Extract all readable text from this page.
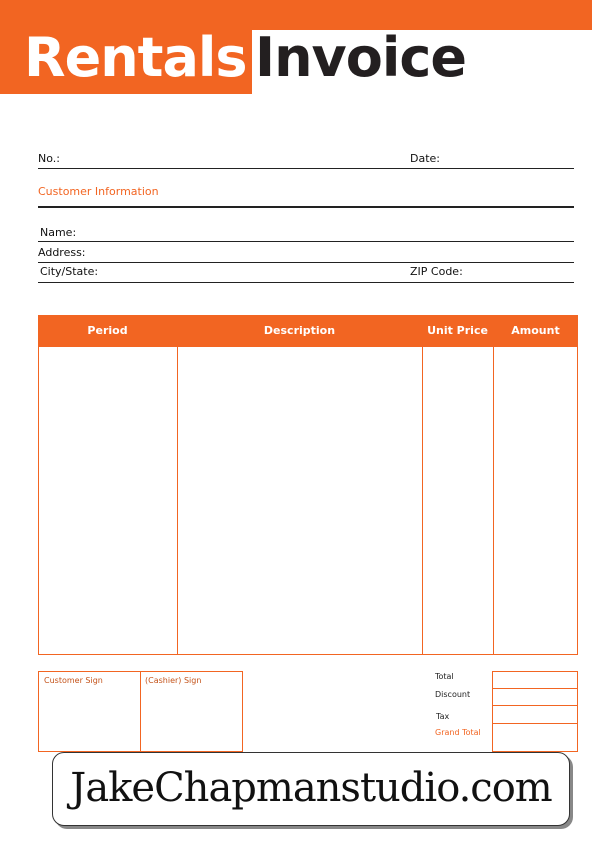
Rentals Invoice
No.:	Date:
Customer Information
Name:
Address:
City/State:	ZIP Code:
Period	Description	Unit Price	Amount
Customer Sign	(Cashier) Sign	Total
Discount
Tax
Grand Total
JakeChapmanstudio.com
